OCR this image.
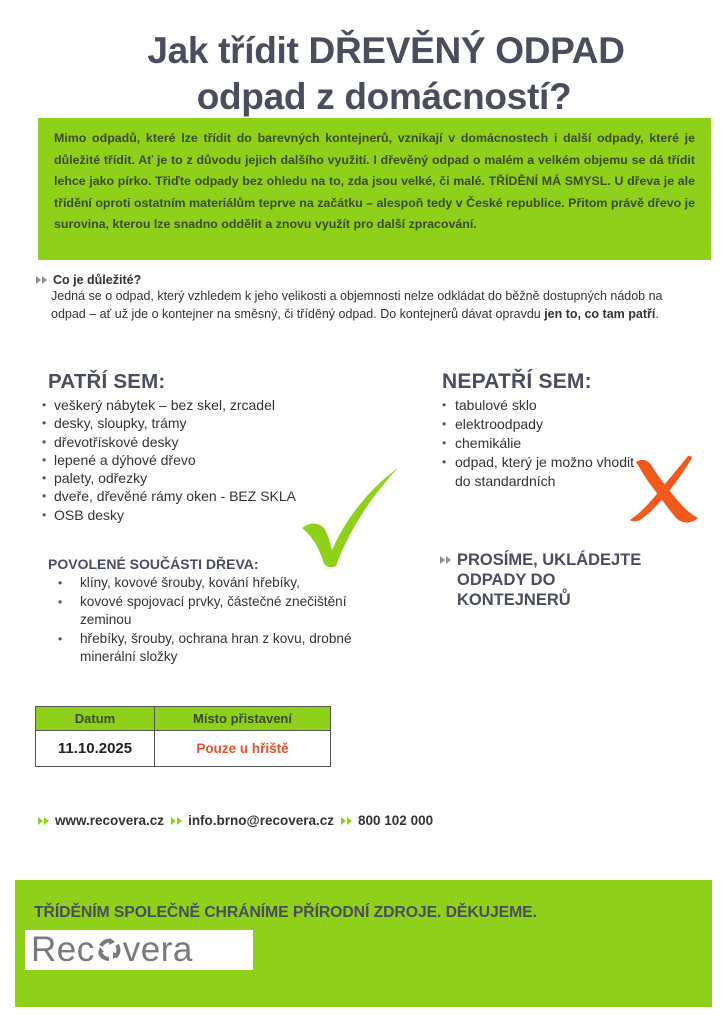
Jak třídit DŘEVĚNÝ ODPAD
odpad z domácností?

Mimo odpadů, které lze třídit do barevných kontejnerů, vznikají v domácnostech i další odpady, které je důležité třídit. Ať je to z důvodu jejich dalšího využití. I dřevěný odpad o malém a velkém objemu se dá třídit lehce jako pírko. Třiďte odpady bez ohledu na to, zda jsou velké, či malé. TŘÍDĚNÍ MÁ SMYSL. U dřeva je ale třídění oproti ostatním materiálům teprve na začátku – alespoň tedy v České republice. Přitom právě dřevo je surovina, kterou lze snadno oddělit a znovu využít pro další zpracování.

Co je důležité?

Jedná se o odpad, který vzhledem k jeho velikosti a objemnosti nelze odkládat do běžně dostupných nádob na odpad – ať už jde o kontejner na směsný, či tříděný odpad. Do kontejnerů dávat opravdu jen to, co tam patří.

PATŘÍ SEM:
• veškerý nábytek – bez skel, zrcadel
• desky, sloupky, trámy
• dřevotřískové desky
• lepené a dýhové dřevo
• palety, odřezky
• dveře, dřevěné rámy oken - BEZ SKLA
• OSB desky
NEPATŘÍ SEM:
• tabulové sklo
• elektroodpady
• chemikálie
• odpad, který je možno vhodit do standardních
POVOLENÉ SOUČÁSTI DŘEVA:
• klíny, kovové šrouby, kování hřebíky,
• kovové spojovací prvky, částečné znečištění zeminou
• hřebíky, šrouby, ochrana hran z kovu, drobné minerální složky
PROSÍME, UKLÁDEJTE ODPADY DO KONTEJNERŮ
Datum	Místo přistavení
11.10.2025	Pouze u hřiště
www.recovera.cz info.brno@recovera.cz 800 102 000
TŘÍDĚNÍM SPOLEČNĚ CHRÁNÍME PŘÍRODNÍ ZDROJE. DĚKUJEME.
Rec vera
